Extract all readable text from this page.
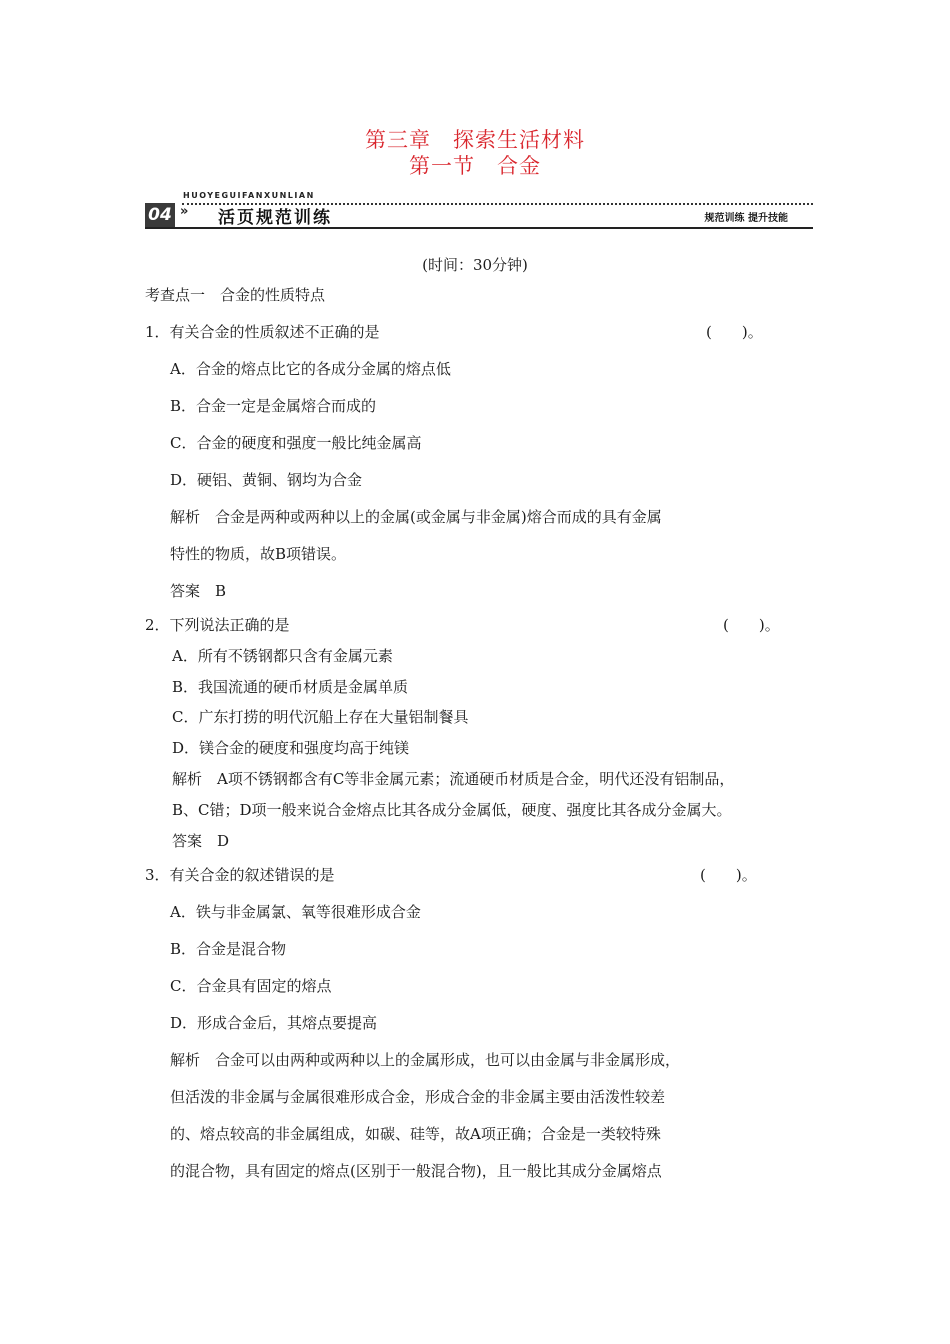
第三章　探索生活材料
第一节　合金
04
HUOYEGUIFANXUNLIAN
» 活页规范训练	规范训练 提升技能
(时间：30分钟)
考查点一　合金的性质特点
1．有关合金的性质叙述不正确的是	(　　)。
A．合金的熔点比它的各成分金属的熔点低
B．合金一定是金属熔合而成的
C．合金的硬度和强度一般比纯金属高
D．硬铝、黄铜、钢均为合金
解析　合金是两种或两种以上的金属(或金属与非金属)熔合而成的具有金属
特性的物质，故B项错误。
答案　B
2．下列说法正确的是	(　　)。
A．所有不锈钢都只含有金属元素
B．我国流通的硬币材质是金属单质
C．广东打捞的明代沉船上存在大量铝制餐具
D．镁合金的硬度和强度均高于纯镁
解析　A项不锈钢都含有C等非金属元素；流通硬币材质是合金，明代还没有铝制品，
B、C错；D项一般来说合金熔点比其各成分金属低，硬度、强度比其各成分金属大。
答案　D
3．有关合金的叙述错误的是	(　　)。
A．铁与非金属氯、氧等很难形成合金
B．合金是混合物
C．合金具有固定的熔点
D．形成合金后，其熔点要提高
解析　合金可以由两种或两种以上的金属形成，也可以由金属与非金属形成，
但活泼的非金属与金属很难形成合金，形成合金的非金属主要由活泼性较差
的、熔点较高的非金属组成，如碳、硅等，故A项正确；合金是一类较特殊
的混合物，具有固定的熔点(区别于一般混合物)，且一般比其成分金属熔点
